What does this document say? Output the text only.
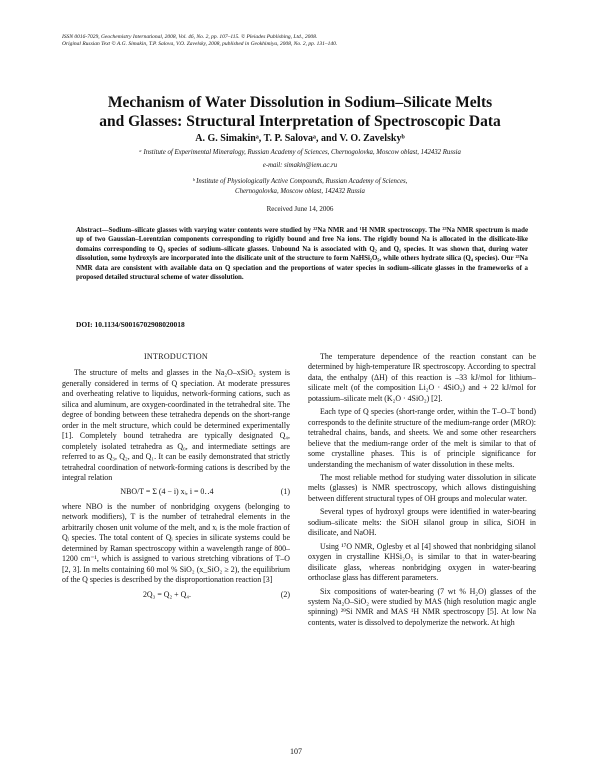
ISSN 0016-7029, Geochemistry International, 2008, Vol. 46, No. 2, pp. 107–115. © Pleiades Publishing, Ltd., 2008.
Original Russian Text © A.G. Simakin, T.P. Salova, V.O. Zavelsky, 2008, published in Geokhimiya, 2008, No. 2, pp. 131–140.
Mechanism of Water Dissolution in Sodium–Silicate Melts
and Glasses: Structural Interpretation of Spectroscopic Data
A. G. Simakinᵃ, T. P. Salovaᵃ, and V. O. Zavelskyᵇ
ᵃ Institute of Experimental Mineralogy, Russian Academy of Sciences, Chernogolovka, Moscow oblast, 142432 Russia
e-mail: simakin@iem.ac.ru
ᵇ Institute of Physiologically Active Compounds, Russian Academy of Sciences,
Chernogolovka, Moscow oblast, 142432 Russia
Received June 14, 2006
Abstract—Sodium–silicate glasses with varying water contents were studied by ²³Na NMR and ¹H NMR spectroscopy. The ²³Na NMR spectrum is made up of two Gaussian–Lorentzian components corresponding to rigidly bound and free Na ions. The rigidly bound Na is allocated in the disilicate-like domains corresponding to Q₃ species of sodium–silicate glasses. Unbound Na is associated with Q₂ and Q₁ species. It was shown that, during water dissolution, some hydroxyls are incorporated into the disilicate unit of the structure to form NaHSi₂O₅, while others hydrate silica (Q₄ species). Our ²³Na NMR data are consistent with available data on Q speciation and the proportions of water species in sodium–silicate glasses in the frameworks of a proposed detailed structural scheme of water dissolution.
DOI: 10.1134/S0016702908020018
INTRODUCTION

The structure of melts and glasses in the Na₂O–xSiO₂ system is generally considered in terms of Q speciation. At moderate pressures and overheating relative to liquidus, network-forming cations, such as silica and aluminum, are oxygen-coordinated in the tetrahedral site. The degree of bonding between these tetrahedra depends on the short-range order in the melt structure, which could be determined experimentally [1]. Completely bound tetrahedra are typically designated Q₄, completely isolated tetrahedra as Q₀, and intermediate settings are referred to as Q₃, Q₂, and Q₁. It can be easily demonstrated that strictly tetrahedral coordination of network-forming cations is described by the integral relation

NBO/T = Σ (4 − i) xᵢ, i = 0‥4	(1)

where NBO is the number of nonbridging oxygens (belonging to network modifiers), T is the number of tetrahedral elements in the arbitrarily chosen unit volume of the melt, and xᵢ is the mole fraction of Qᵢ species. The total content of Qᵢ species in silicate systems could be determined by Raman spectroscopy within a wavelength range of 800–1200 cm⁻¹, which is assigned to various stretching vibrations of T–O [2, 3]. In melts containing 60 mol % SiO₂ (x_SiO₂ ≥ 2), the equilibrium of the Q species is described by the disproportionation reaction [3]

2Q₃ = Q₂ + Q₄.	(2)

The temperature dependence of the reaction constant can be determined by high-temperature IR spectroscopy. According to spectral data, the enthalpy (ΔH) of this reaction is –33 kJ/mol for lithium–silicate melt (of the composition Li₂O · 4SiO₂) and + 22 kJ/mol for potassium–silicate melt (K₂O · 4SiO₂) [2].

Each type of Q species (short-range order, within the T–O–T bond) corresponds to the definite structure of the medium-range order (MRO): tetrahedral chains, bands, and sheets. We and some other researchers believe that the medium-range order of the melt is similar to that of some crystalline phases. This is of principle significance for understanding the mechanism of water dissolution in these melts.

The most reliable method for studying water dissolution in silicate melts (glasses) is NMR spectroscopy, which allows distinguishing between different structural types of OH groups and molecular water.

Several types of hydroxyl groups were identified in water-bearing sodium–silicate melts: the SiOH silanol group in silica, SiOH in disilicate, and NaOH.

Using ¹⁷O NMR, Oglesby et al [4] showed that nonbridging silanol oxygen in crystalline KHSi₂O₅ is similar to that in water-bearing disilicate glass, whereas nonbridging oxygen in water-bearing orthoclase glass has different parameters.

Six compositions of water-bearing (7 wt % H₂O) glasses of the system Na₂O–SiO₂ were studied by MAS (high resolution magic angle spinning) ²⁹Si NMR and MAS ¹H NMR spectroscopy [5]. At low Na contents, water is dissolved to depolymerize the network. At high

107
